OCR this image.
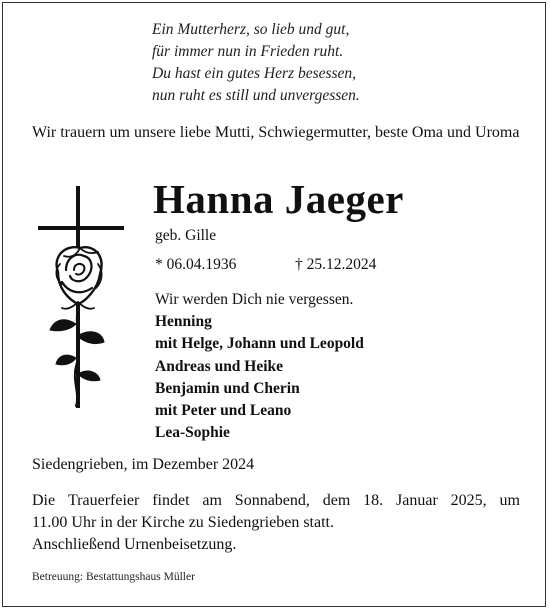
Ein Mutterherz, so lieb und gut,
für immer nun in Frieden ruht.
Du hast ein gutes Herz besessen,
nun ruht es still und unvergessen.
Wir trauern um unsere liebe Mutti, Schwiegermutter, beste Oma und Uroma
Hanna Jaeger
geb. Gille
* 06.04.1936	† 25.12.2024
Wir werden Dich nie vergessen.
Henning
mit Helge, Johann und Leopold
Andreas und Heike
Benjamin und Cherin
mit Peter und Leano
Lea-Sophie
Siedengrieben, im Dezember 2024
Die Trauerfeier findet am Sonnabend, dem 18. Januar 2025, um
11.00 Uhr in der Kirche zu Siedengrieben statt.
Anschließend Urnenbeisetzung.
Betreuung: Bestattungshaus Müller
